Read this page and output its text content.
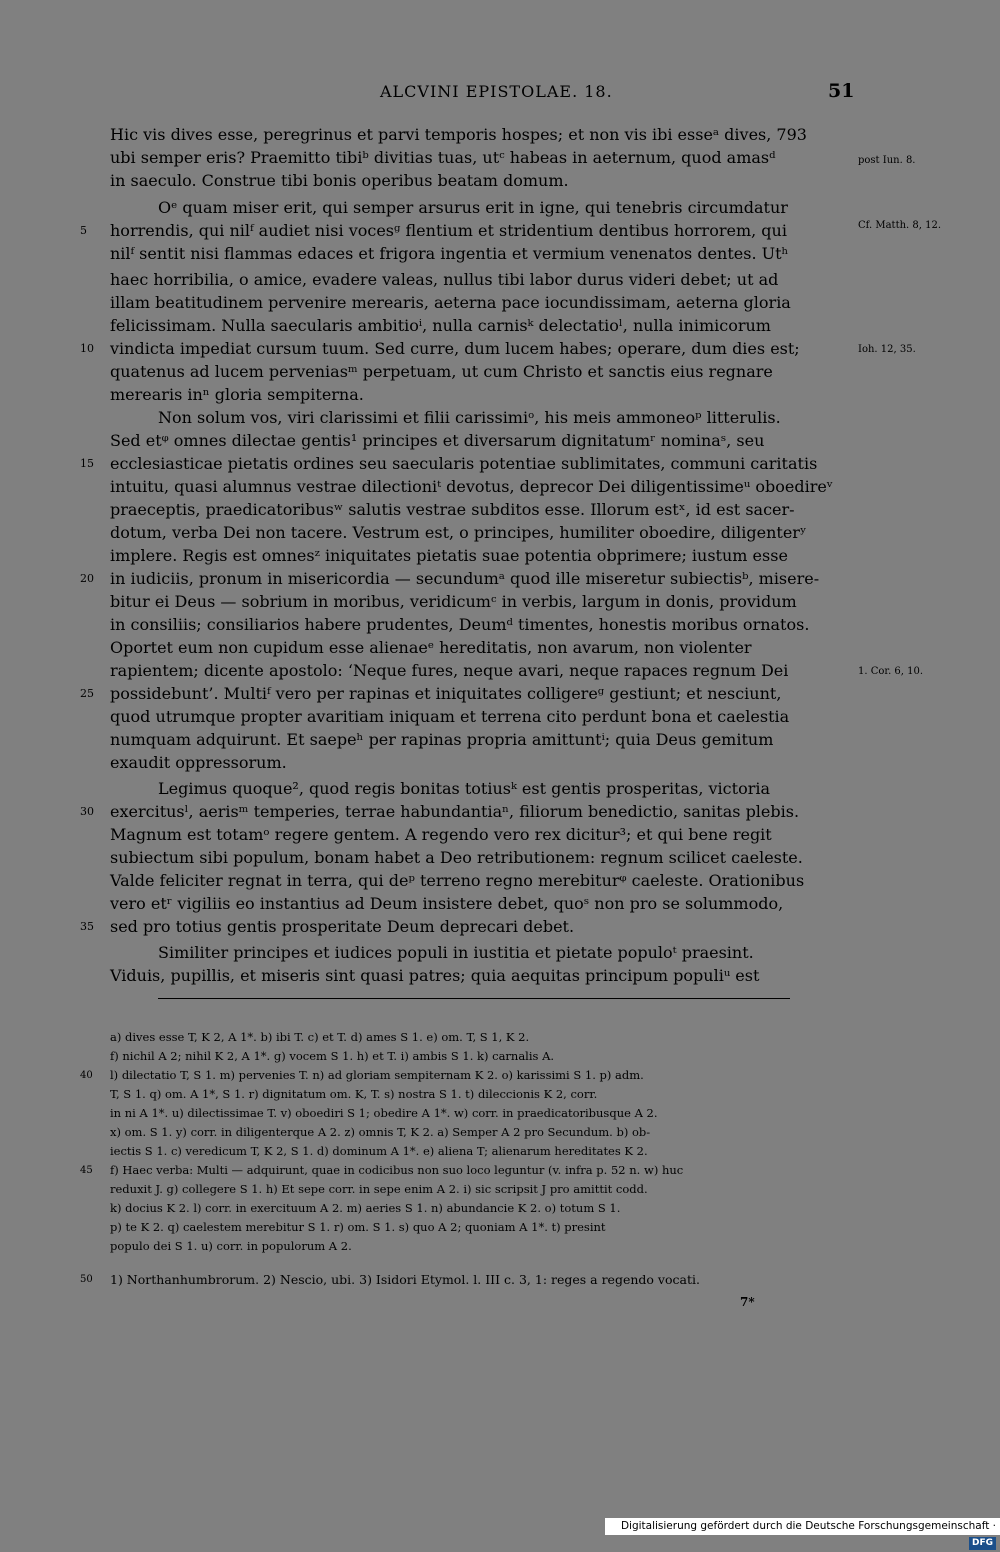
ALCVINI EPISTOLAE. 18.	51
Hic vis dives esse, peregrinus et parvi temporis hospes; et non vis ibi esseᵃ dives, 793
ubi semper eris? Praemitto tibiᵇ divitias tuas, utᶜ habeas in aeternum, quod amasᵈ
in saeculo. Construe tibi bonis operibus beatam domum.
Oᵉ quam miser erit, qui semper arsurus erit in igne, qui tenebris circumdatur
horrendis, qui nilᶠ audiet nisi vocesᵍ flentium et stridentium dentibus horrorem, qui
nilᶠ sentit nisi flammas edaces et frigora ingentia et vermium venenatos dentes. Utʰ
haec horribilia, o amice, evadere valeas, nullus tibi labor durus videri debet; ut ad
illam beatitudinem pervenire merearis, aeterna pace iocundissimam, aeterna gloria
felicissimam. Nulla saecularis ambitioⁱ, nulla carnisᵏ delectatioˡ, nulla inimicorum
vindicta impediat cursum tuum. Sed curre, dum lucem habes; operare, dum dies est;
quatenus ad lucem perveniasᵐ perpetuam, ut cum Christo et sanctis eius regnare
merearis inⁿ gloria sempiterna.
Non solum vos, viri clarissimi et filii carissimiᵒ, his meis ammoneoᵖ litterulis.
Sed etᵠ omnes dilectae gentis¹ principes et diversarum dignitatumʳ nominaˢ, seu
ecclesiasticae pietatis ordines seu saecularis potentiae sublimitates, communi caritatis
intuitu, quasi alumnus vestrae dilectioniᵗ devotus, deprecor Dei diligentissimeᵘ oboedireᵛ
praeceptis, praedicatoribusʷ salutis vestrae subditos esse. Illorum estˣ, id est sacer-
dotum, verba Dei non tacere. Vestrum est, o principes, humiliter oboedire, diligenterʸ
implere. Regis est omnesᶻ iniquitates pietatis suae potentia obprimere; iustum esse
in iudiciis, pronum in misericordia — secundumᵃ quod ille miseretur subiectisᵇ, misere-
bitur ei Deus — sobrium in moribus, veridicumᶜ in verbis, largum in donis, providum
in consiliis; consiliarios habere prudentes, Deumᵈ timentes, honestis moribus ornatos.
Oportet eum non cupidum esse alienaeᵉ hereditatis, non avarum, non violenter
rapientem; dicente apostolo: ‘Neque fures, neque avari, neque rapaces regnum Dei
possidebunt’. Multiᶠ vero per rapinas et iniquitates colligereᵍ gestiunt; et nesciunt,
quod utrumque propter avaritiam iniquam et terrena cito perdunt bona et caelestia
numquam adquirunt. Et saepeʰ per rapinas propria amittuntⁱ; quia Deus gemitum
exaudit oppressorum.
Legimus quoque², quod regis bonitas totiusᵏ est gentis prosperitas, victoria
exercitusˡ, aerisᵐ temperies, terrae habundantiaⁿ, filiorum benedictio, sanitas plebis.
Magnum est totamᵒ regere gentem. A regendo vero rex dicitur³; et qui bene regit
subiectum sibi populum, bonam habet a Deo retributionem: regnum scilicet caeleste.
Valde feliciter regnat in terra, qui deᵖ terreno regno merebiturᵠ caeleste. Orationibus
vero etʳ vigiliis eo instantius ad Deum insistere debet, quoˢ non pro se solummodo,
sed pro totius gentis prosperitate Deum deprecari debet.
Similiter principes et iudices populi in iustitia et pietate populoᵗ praesint.
Viduis, pupillis, et miseris sint quasi patres; quia aequitas principum populiᵘ est
5
10
15
20
25
30
35
post Iun. 8.
Cf. Matth. 8, 12.
Ioh. 12, 35.
1. Cor. 6, 10.
a) dives esse T, K 2, A 1*. b) ibi T. c) et T. d) ames S 1. e) om. T, S 1, K 2.
f) nichil A 2; nihil K 2, A 1*. g) vocem S 1. h) et T. i) ambis S 1. k) carnalis A.
l) dilectatio T, S 1. m) pervenies T. n) ad gloriam sempiternam K 2. o) karissimi S 1. p) adm.
T, S 1. q) om. A 1*, S 1. r) dignitatum om. K, T. s) nostra S 1. t) dileccionis K 2, corr.
in ni A 1*. u) dilectissimae T. v) oboediri S 1; obedire A 1*. w) corr. in praedicatoribusque A 2.
x) om. S 1. y) corr. in diligenterque A 2. z) omnis T, K 2. a) Semper A 2 pro Secundum. b) ob-
iectis S 1. c) veredicum T, K 2, S 1. d) dominum A 1*. e) aliena T; alienarum hereditates K 2.
f) Haec verba: Multi — adquirunt, quae in codicibus non suo loco leguntur (v. infra p. 52 n. w) huc
reduxit J. g) collegere S 1. h) Et sepe corr. in sepe enim A 2. i) sic scripsit J pro amittit codd.
k) docius K 2. l) corr. in exercituum A 2. m) aeries S 1. n) abundancie K 2. o) totum S 1.
p) te K 2. q) caelestem merebitur S 1. r) om. S 1. s) quo A 2; quoniam A 1*. t) presint
populo dei S 1. u) corr. in populorum A 2.
40
45
50 1) Northanhumbrorum. 2) Nescio, ubi. 3) Isidori Etymol. l. III c. 3, 1: reges a regendo vocati.
7*
Digitalisierung gefördert durch die Deutsche Forschungsgemeinschaft ·DFG
